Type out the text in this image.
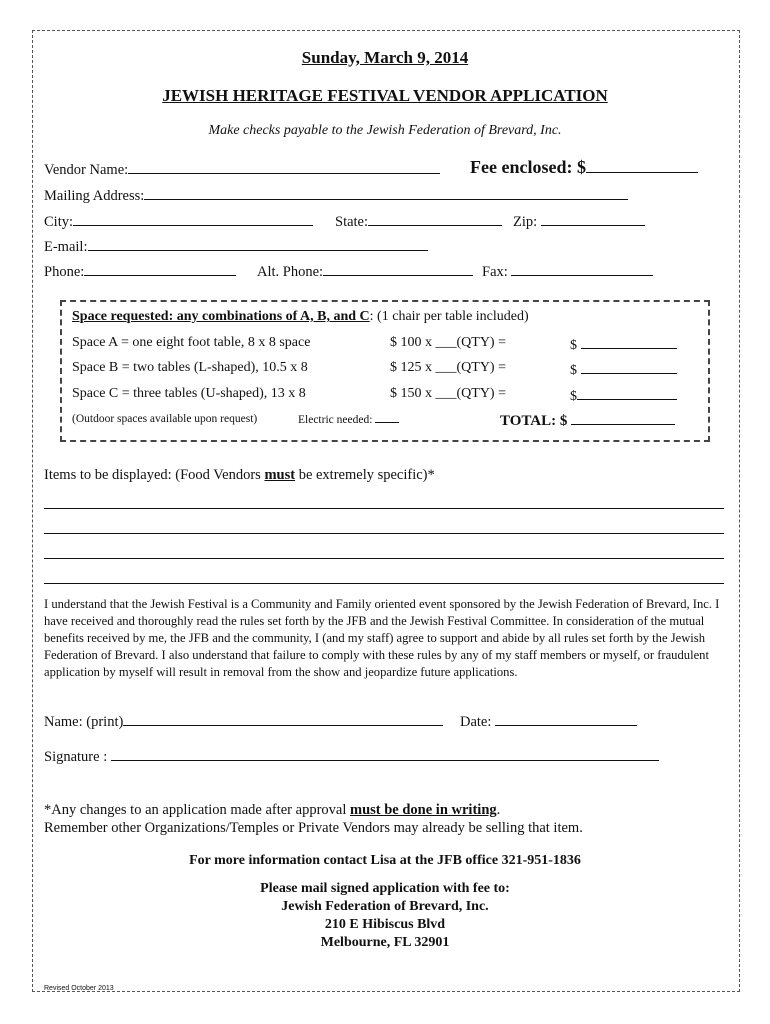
Sunday, March 9, 2014
JEWISH HERITAGE FESTIVAL VENDOR APPLICATION
Make checks payable to the Jewish Federation of Brevard, Inc.
Vendor Name:	Fee enclosed: $
Mailing Address:
City:	State:	Zip:
E-mail:
Phone:	Alt. Phone:	Fax:
Space requested: any combinations of A, B, and C: (1 chair per table included)
Space A = one eight foot table, 8 x 8 space	$ 100 x ___(QTY) =	$
Space B = two tables (L-shaped), 10.5 x 8	$ 125 x ___(QTY) =	$
Space C = three tables (U-shaped), 13 x 8	$ 150 x ___(QTY) =	$
(Outdoor spaces available upon request)	Electric needed:	TOTAL: $
Items to be displayed: (Food Vendors must be extremely specific)*
I understand that the Jewish Festival is a Community and Family oriented event sponsored by the Jewish Federation of Brevard, Inc. I have received and thoroughly read the rules set forth by the JFB and the Jewish Festival Committee. In consideration of the mutual benefits received by me, the JFB and the community, I (and my staff) agree to support and abide by all rules set forth by the Jewish Federation of Brevard. I also understand that failure to comply with these rules by any of my staff members or myself, or fraudulent application by myself will result in removal from the show and jeopardize future applications.
Name: (print)	Date:
Signature :
*Any changes to an application made after approval must be done in writing.
Remember other Organizations/Temples or Private Vendors may already be selling that item.
For more information contact Lisa at the JFB office 321-951-1836
Please mail signed application with fee to:
Jewish Federation of Brevard, Inc.
210 E Hibiscus Blvd
Melbourne, FL 32901
Revised October 2013
